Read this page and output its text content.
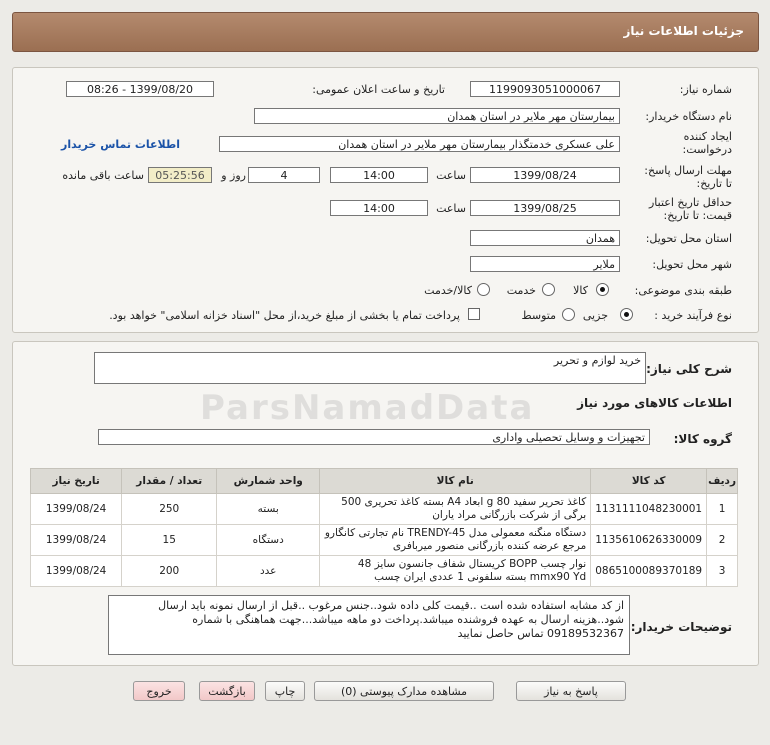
جزئیات اطلاعات نیاز
شماره نیاز:
1199093051000067
تاریخ و ساعت اعلان عمومی:
1399/08/20 - 08:26
نام دستگاه خریدار:
بیمارستان مهر ملایر در استان همدان
ایجاد کننده درخواست:
علی عسکری خدمتگذار بیمارستان مهر ملایر در استان همدان
اطلاعات تماس خریدار
مهلت ارسال پاسخ: تا تاریخ:
1399/08/24
ساعت
14:00
4
روز و
05:25:56
ساعت باقی مانده
حداقل تاریخ اعتبار قیمت: تا تاریخ:
1399/08/25
ساعت
14:00
استان محل تحویل:
همدان
شهر محل تحویل:
ملایر
طبقه بندی موضوعی:
کالا
خدمت
کالا/خدمت
نوع فرآیند خرید :
جزیی
متوسط
پرداخت تمام یا بخشی از مبلغ خرید،از محل "اسناد خزانه اسلامی" خواهد بود.
شرح کلی نیاز:
خرید لوازم و تحریر
اطلاعات کالاهای مورد نیاز
گروه کالا:
تجهیزات و وسایل تحصیلی واداری
ردیف	کد کالا	نام کالا	واحد شمارش	تعداد / مقدار	تاریخ نیاز
1	1131111048230001	کاغذ تحریر سفید 80 g ابعاد A4 بسته کاغذ تحریری 500 برگی از شرکت بازرگانی مراد یاران	بسته	250	1399/08/24
2	1135610626330009	دستگاه منگنه معمولی مدل TRENDY-45 نام تجارتی کانگارو مرجع عرضه کننده بازرگانی منصور میربافری	دستگاه	15	1399/08/24
3	0865100089370189	نوار چسب BOPP کریستال شفاف جانسون سایز 48 mmx90 Yd بسته سلفونی 1 عددی ایران چسب	عدد	200	1399/08/24
توضیحات خریدار:
از کد مشابه استفاده شده است ..قیمت کلی داده شود..جنس مرغوب ..قبل از ارسال نمونه باید ارسال شود..هزینه ارسال به عهده فروشنده میباشد.پرداخت دو ماهه میباشد...جهت هماهنگی با شماره 09189532367 تماس حاصل نمایید
پاسخ به نیاز
مشاهده مدارک پیوستی (0)
چاپ
بازگشت
خروج
